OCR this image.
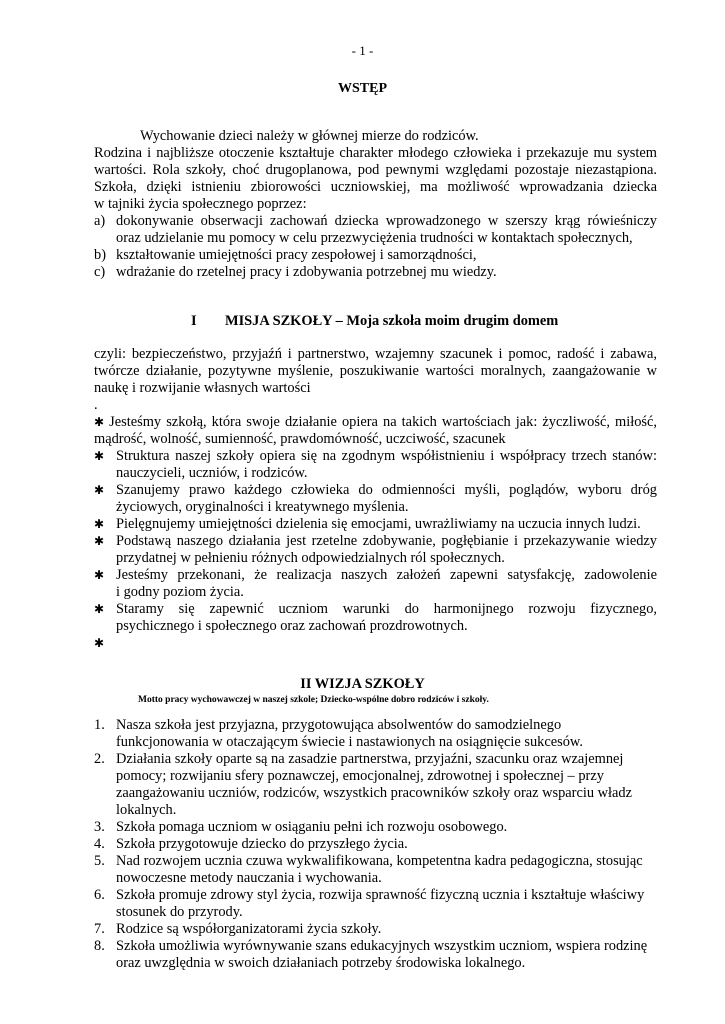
- 1 -
WSTĘP

Wychowanie dzieci należy w głównej mierze do rodziców.

Rodzina i najbliższe otoczenie kształtuje charakter młodego człowieka i przekazuje mu system

wartości. Rola szkoły, choć drugoplanowa, pod pewnymi względami pozostaje niezastąpiona.

Szkoła, dzięki istnieniu zbiorowości uczniowskiej, ma możliwość wprowadzania dziecka

w tajniki życia społecznego poprzez:

a) dokonywanie obserwacji zachowań dziecka wprowadzonego w szerszy krąg rówieśniczy
oraz udzielanie mu pomocy w celu przezwyciężenia trudności w kontaktach społecznych,
b) kształtowanie umiejętności pracy zespołowej i samorządności,
c) wdrażanie do rzetelnej pracy i zdobywania potrzebnej mu wiedzy.
I MISJA SZKOŁY – Moja szkoła moim drugim domem

czyli: bezpieczeństwo, przyjaźń i partnerstwo, wzajemny szacunek i pomoc, radość i zabawa,

twórcze działanie, pozytywne myślenie, poszukiwanie wartości moralnych, zaangażowanie w

naukę i rozwijanie własnych wartości

.

✱ Jesteśmy szkołą, która swoje działanie opiera na takich wartościach jak: życzliwość, miłość,

mądrość, wolność, sumienność, prawdomówność, uczciwość, szacunek

✱ Struktura naszej szkoły opiera się na zgodnym współistnieniu i współpracy trzech stanów:
nauczycieli, uczniów, i rodziców.
✱ Szanujemy prawo każdego człowieka do odmienności myśli, poglądów, wyboru dróg
życiowych, oryginalności i kreatywnego myślenia.
✱ Pielęgnujemy umiejętności dzielenia się emocjami, uwrażliwiamy na uczucia innych ludzi.
✱ Podstawą naszego działania jest rzetelne zdobywanie, pogłębianie i przekazywanie wiedzy
przydatnej w pełnieniu różnych odpowiedzialnych ról społecznych.
✱ Jesteśmy przekonani, że realizacja naszych założeń zapewni satysfakcję, zadowolenie
i godny poziom życia.
✱ Staramy się zapewnić uczniom warunki do harmonijnego rozwoju fizycznego,
psychicznego i społecznego oraz zachowań prozdrowotnych.
✱

II WIZJA SZKOŁY
Motto pracy wychowawczej w naszej szkole; Dziecko-wspólne dobro rodziców i szkoły.
1. Nasza szkoła jest przyjazna, przygotowująca absolwentów do samodzielnego
funkcjonowania w otaczającym świecie i nastawionych na osiągnięcie sukcesów.
2. Działania szkoły oparte są na zasadzie partnerstwa, przyjaźni, szacunku oraz wzajemnej
pomocy; rozwijaniu sfery poznawczej, emocjonalnej, zdrowotnej i społecznej – przy
zaangażowaniu uczniów, rodziców, wszystkich pracowników szkoły oraz wsparciu władz
lokalnych.
3. Szkoła pomaga uczniom w osiąganiu pełni ich rozwoju osobowego.
4. Szkoła przygotowuje dziecko do przyszłego życia.
5. Nad rozwojem ucznia czuwa wykwalifikowana, kompetentna kadra pedagogiczna, stosując
nowoczesne metody nauczania i wychowania.
6. Szkoła promuje zdrowy styl życia, rozwija sprawność fizyczną ucznia i kształtuje właściwy
stosunek do przyrody.
7. Rodzice są współorganizatorami życia szkoły.
8. Szkoła umożliwia wyrównywanie szans edukacyjnych wszystkim uczniom, wspiera rodzinę
oraz uwzględnia w swoich działaniach potrzeby środowiska lokalnego.
